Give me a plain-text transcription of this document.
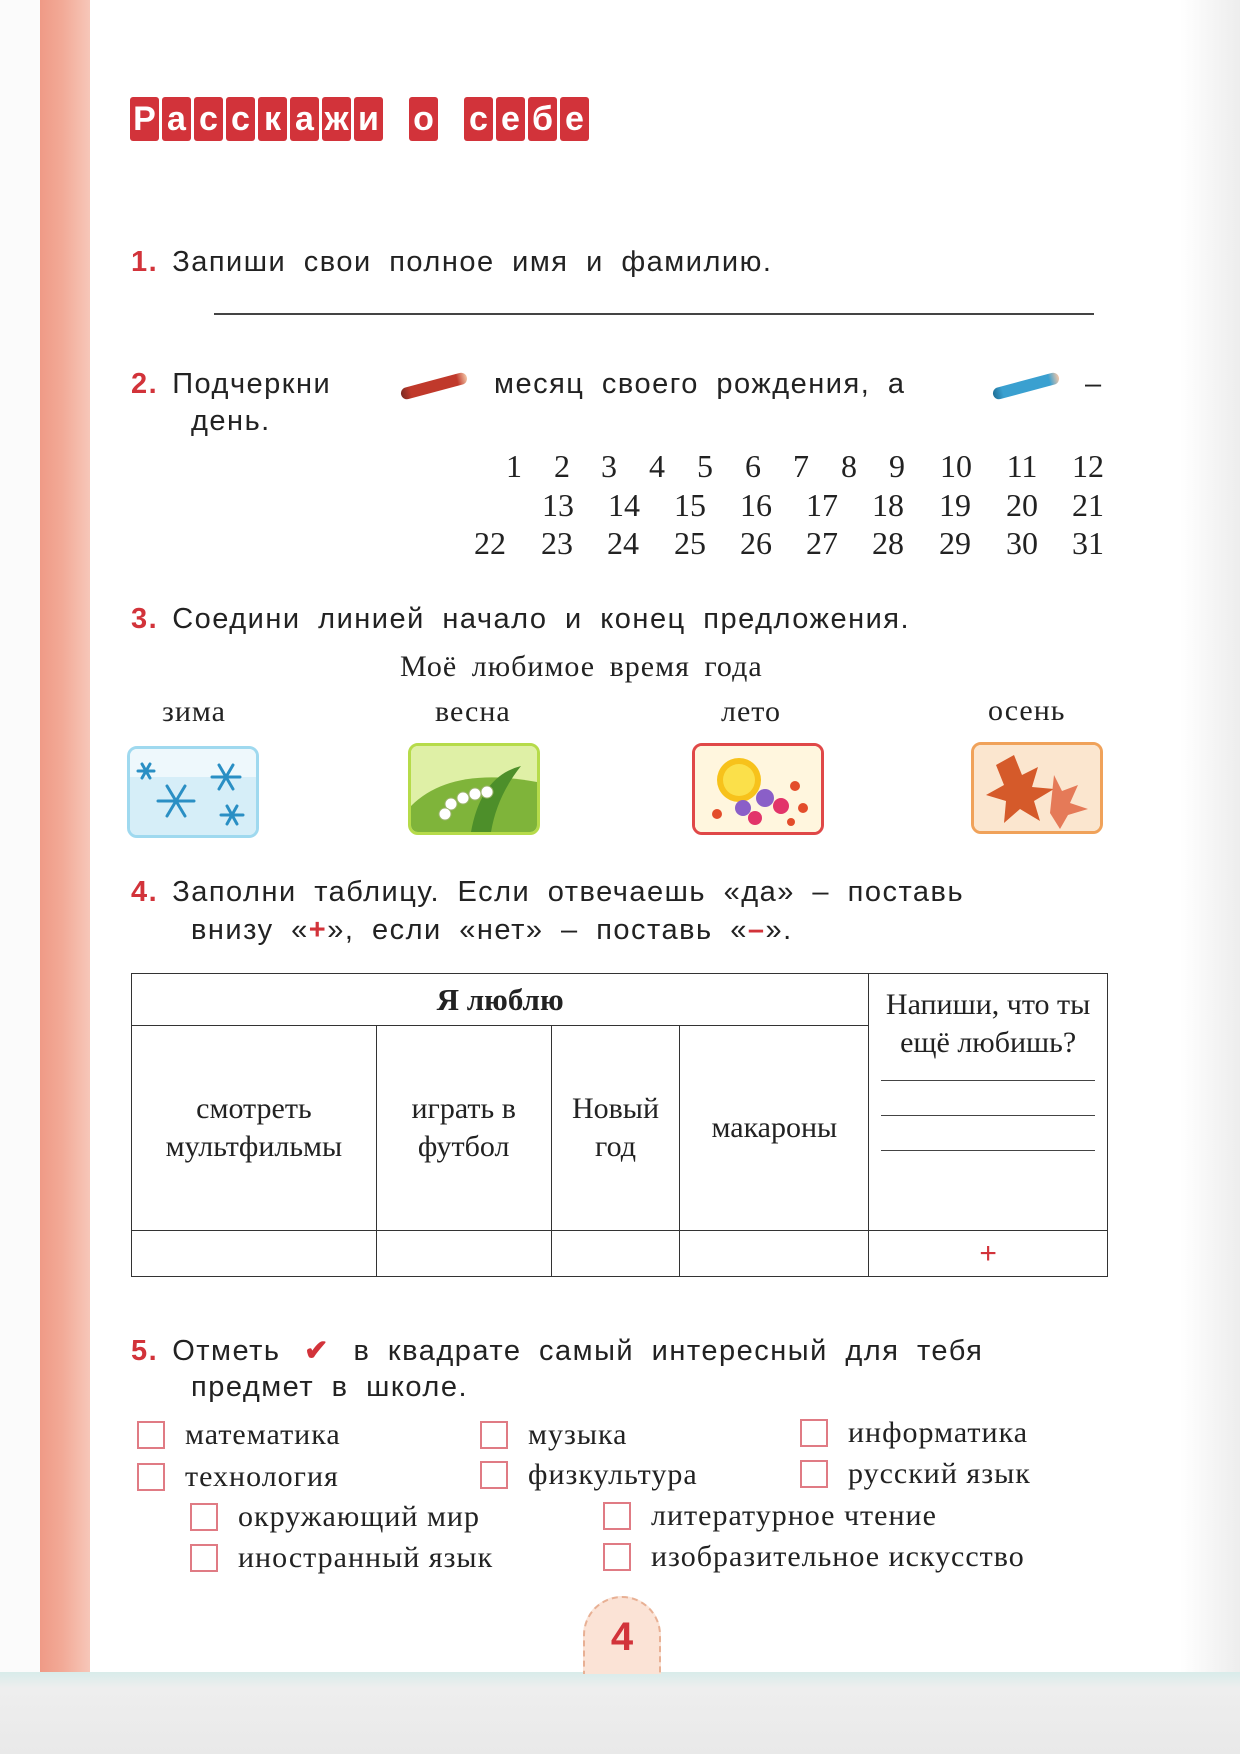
Р а с с к а ж и о с е б е
1. Запиши свои полное имя и фамилию.
2. Подчеркни	месяц своего рождения, а	–
день.
1	2 3	4	5	6	7	8	9	10	11	12
13	14	15	16	17	18	19	20	21
22	23	24	25	26	27	28	29	30	31
3. Соедини линией начало и конец предложения.
Моё любимое время года
зима	весна	лето	осень
4. Заполни таблицу. Если отвечаешь «да» – поставь
внизу «+», если «нет» – поставь «–».
Я люблю				Напиши, что ты ещё любишь?

смотреть мультфильмы	играть в футбол	Новый год	макароны	
				+
5. Отметь ✔ в квадрате самый интересный для тебя
предмет в школе.
математика	музыка	информатика
технология	физкультура	русский язык
окружающий мир	литературное чтение
иностранный язык	изобразительное искусство
4
